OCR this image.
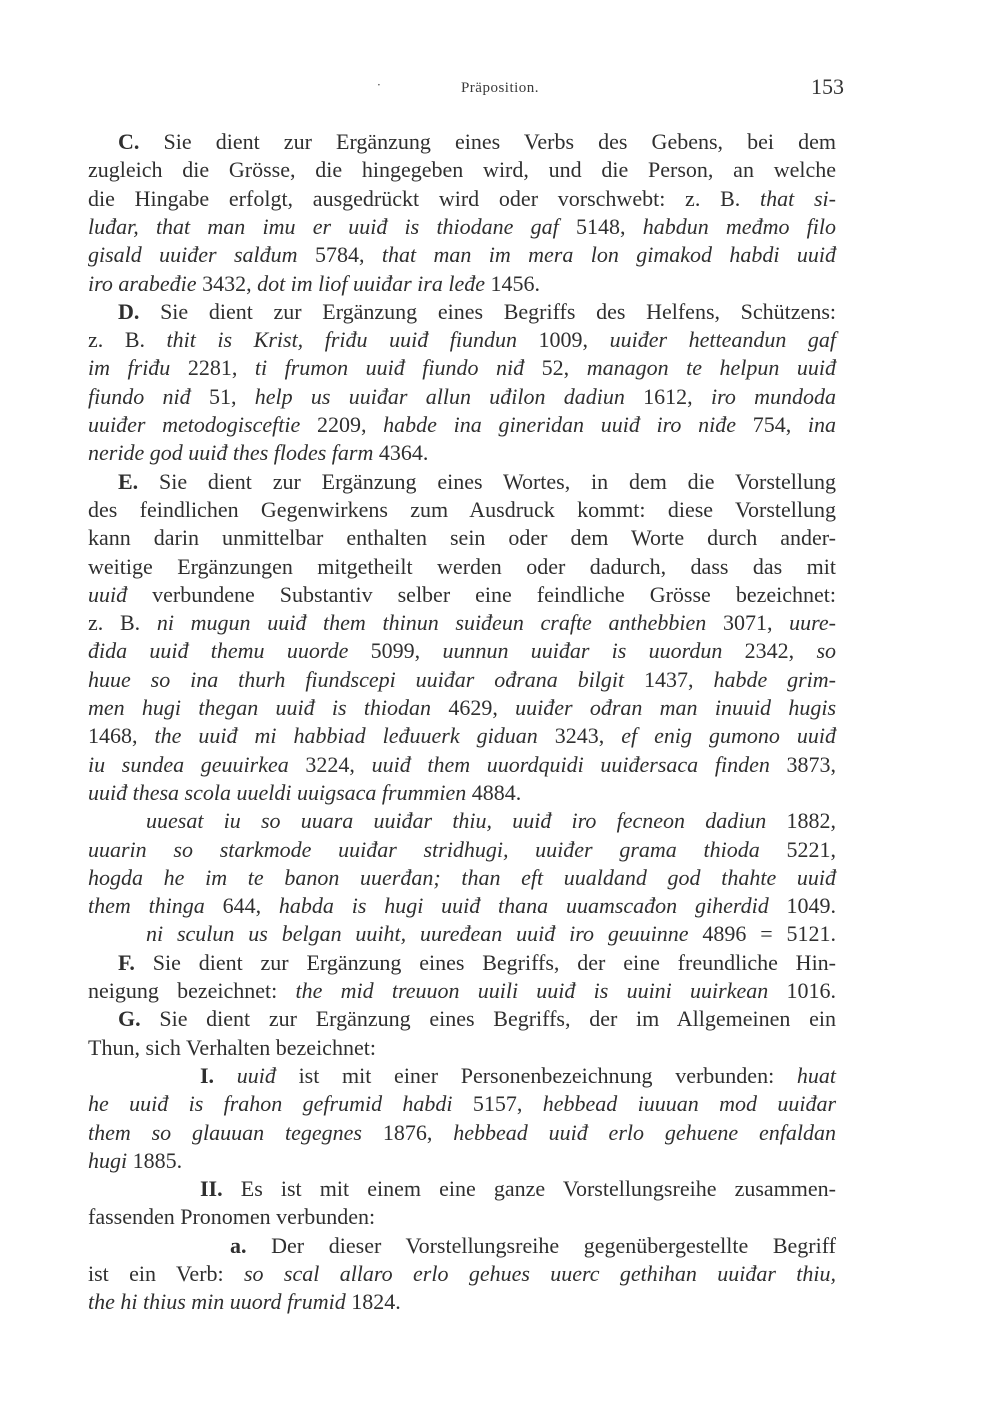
·	Präposition.	153
C. Sie dient zur Ergänzung eines Verbs des Gebens, bei dem
zugleich die Grösse, die hingegeben wird, und die Person, an welche
die Hingabe erfolgt, ausgedrückt wird oder vorschwebt: z. B. that si-
luđar, that man imu er uuiđ is thiodane gaf 5148, habdun međmo filo
gisald uuiđer salđum 5784, that man im mera lon gimakod habdi uuiđ
iro arabeđie 3432, dot im liof uuiđar ira leđe 1456.
D. Sie dient zur Ergänzung eines Begriffs des Helfens, Schützens:
z. B. thit is Krist, friđu uuiđ fiundun 1009, uuiđer hetteandun gaf
im friđu 2281, ti frumon uuiđ fiundo niđ 52, managon te helpun uuiđ
fiundo niđ 51, help us uuiđar allun uđilon dadiun 1612, iro mundoda
uuiđer metodogisceftie 2209, habde ina gineridan uuiđ iro niđe 754, ina
neride god uuiđ thes flodes farm 4364.
E. Sie dient zur Ergänzung eines Wortes, in dem die Vorstellung
des feindlichen Gegenwirkens zum Ausdruck kommt: diese Vorstellung
kann darin unmittelbar enthalten sein oder dem Worte durch ander-
weitige Ergänzungen mitgetheilt werden oder dadurch, dass das mit
uuiđ verbundene Substantiv selber eine feindliche Grösse bezeichnet:
z. B. ni mugun uuiđ them thinun suiđeun crafte anthebbien 3071, uure-
đida uuiđ themu uuorde 5099, uunnun uuiđar is uuordun 2342, so
huue so ina thurh fiundscepi uuiđar ođrana bilgit 1437, habde grim-
men hugi thegan uuiđ is thiodan 4629, uuiđer ođran man inuuid hugis
1468, the uuiđ mi habbiad leđuuerk giduan 3243, ef enig gumono uuiđ
iu sundea geuuirkea 3224, uuiđ them uuordquidi uuiđersaca finden 3873,
uuiđ thesa scola uueldi uuigsaca frummien 4884.
uuesat iu so uuara uuiđar thiu, uuiđ iro fecneon dadiun 1882,
uuarin so starkmode uuiđar stridhugi, uuiđer grama thioda 5221,
hogda he im te banon uuerđan; than eft uualdand god thahte uuiđ
them thinga 644, habda is hugi uuiđ thana uuamscađon giherdid 1049.
ni sculun us belgan uuiht, uuređean uuiđ iro geuuinne 4896 = 5121.
F. Sie dient zur Ergänzung eines Begriffs, der eine freundliche Hin-
neigung bezeichnet: the mid treuuon uuili uuiđ is uuini uuirkean 1016.
G. Sie dient zur Ergänzung eines Begriffs, der im Allgemeinen ein
Thun, sich Verhalten bezeichnet:
I. uuiđ ist mit einer Personenbezeichnung verbunden: huat
he uuiđ is frahon gefrumid habdi 5157, hebbead iuuuan mod uuiđar
them so glauuan tegegnes 1876, hebbead uuiđ erlo gehuene enfaldan
hugi 1885.
II. Es ist mit einem eine ganze Vorstellungsreihe zusammen-
fassenden Pronomen verbunden:
a. Der dieser Vorstellungsreihe gegenübergestellte Begriff
ist ein Verb: so scal allaro erlo gehues uuerc gethihan uuiđar thiu,
the hi thius min uuord frumid 1824.
